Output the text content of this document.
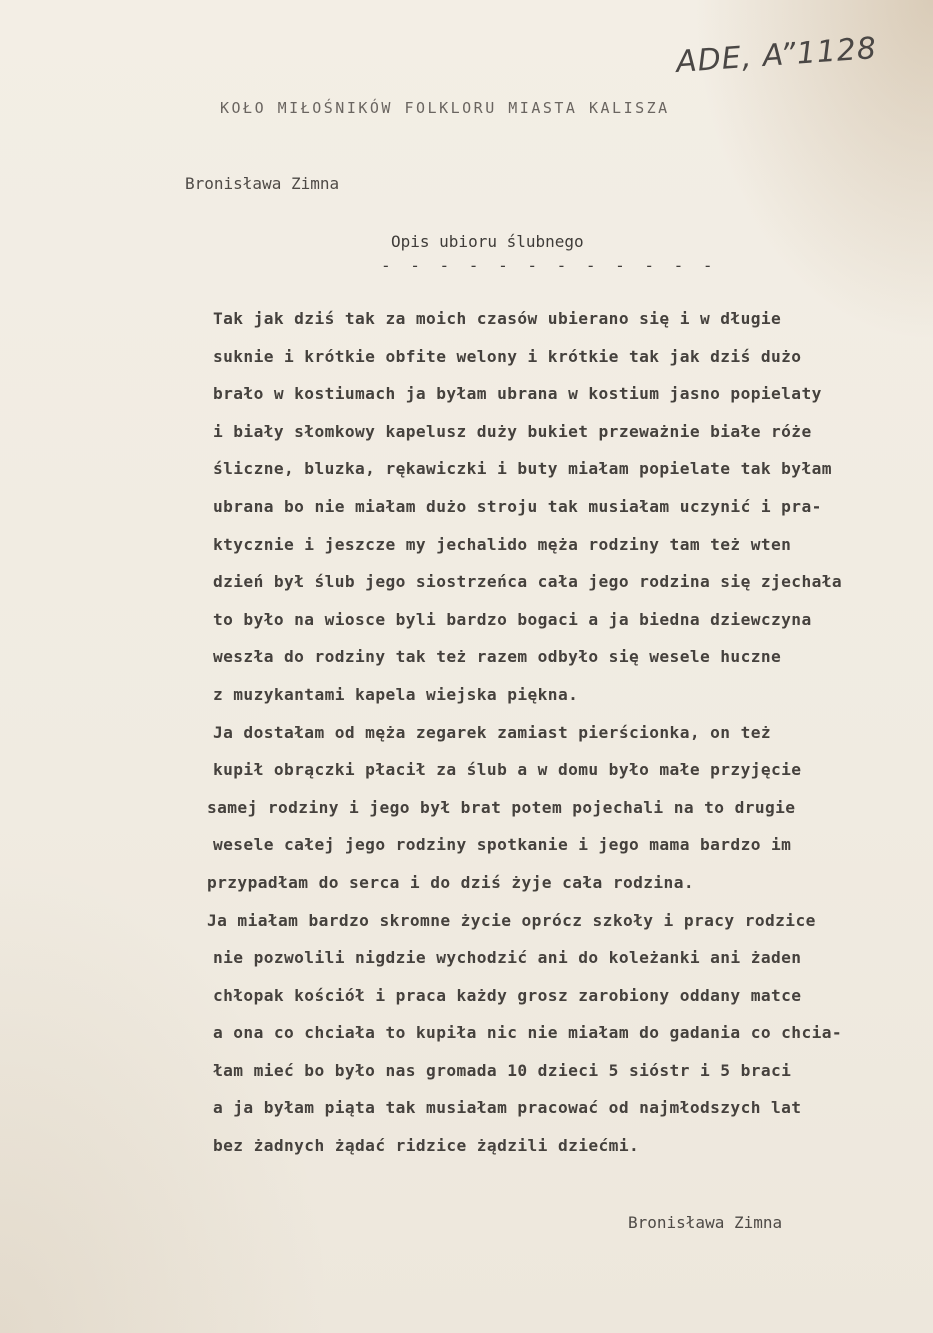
ADE, A”1128
KOŁO MIŁOŚNIKÓW FOLKLORU MIASTA KALISZA
Bronisława Zimna
Opis ubioru ślubnego
- - - - - - - - - - - -
Tak jak dziś tak za moich czasów ubierano się i w długie
suknie i krótkie obfite welony i krótkie tak jak dziś dużo
brało w kostiumach ja byłam ubrana w kostium jasno popielaty
i biały słomkowy kapelusz duży bukiet przeważnie białe róże
śliczne, bluzka, rękawiczki i buty miałam popielate tak byłam
ubrana bo nie miałam dużo stroju tak musiałam uczynić i pra-
ktycznie i jeszcze my jechalido męża rodziny tam też wten
dzień był ślub jego siostrzeńca cała jego rodzina się zjechała
to było na wiosce byli bardzo bogaci a ja biedna dziewczyna
weszła do rodziny tak też razem odbyło się wesele huczne
z muzykantami kapela wiejska piękna.
Ja dostałam od męża zegarek zamiast pierścionka, on też
kupił obrączki płacił za ślub a w domu było małe przyjęcie
samej rodziny i jego był brat potem pojechali na to drugie
wesele całej jego rodziny spotkanie i jego mama bardzo im
przypadłam do serca i do dziś żyje cała rodzina.
Ja miałam bardzo skromne życie oprócz szkoły i pracy rodzice
nie pozwolili nigdzie wychodzić ani do koleżanki ani żaden
chłopak kościół i praca każdy grosz zarobiony oddany matce
a ona co chciała to kupiła nic nie miałam do gadania co chcia-
łam mieć bo było nas gromada 10 dzieci 5 sióstr i 5 braci
a ja byłam piąta tak musiałam pracować od najmłodszych lat
bez żadnych żądać ridzice żądzili dziećmi.
Bronisława Zimna
